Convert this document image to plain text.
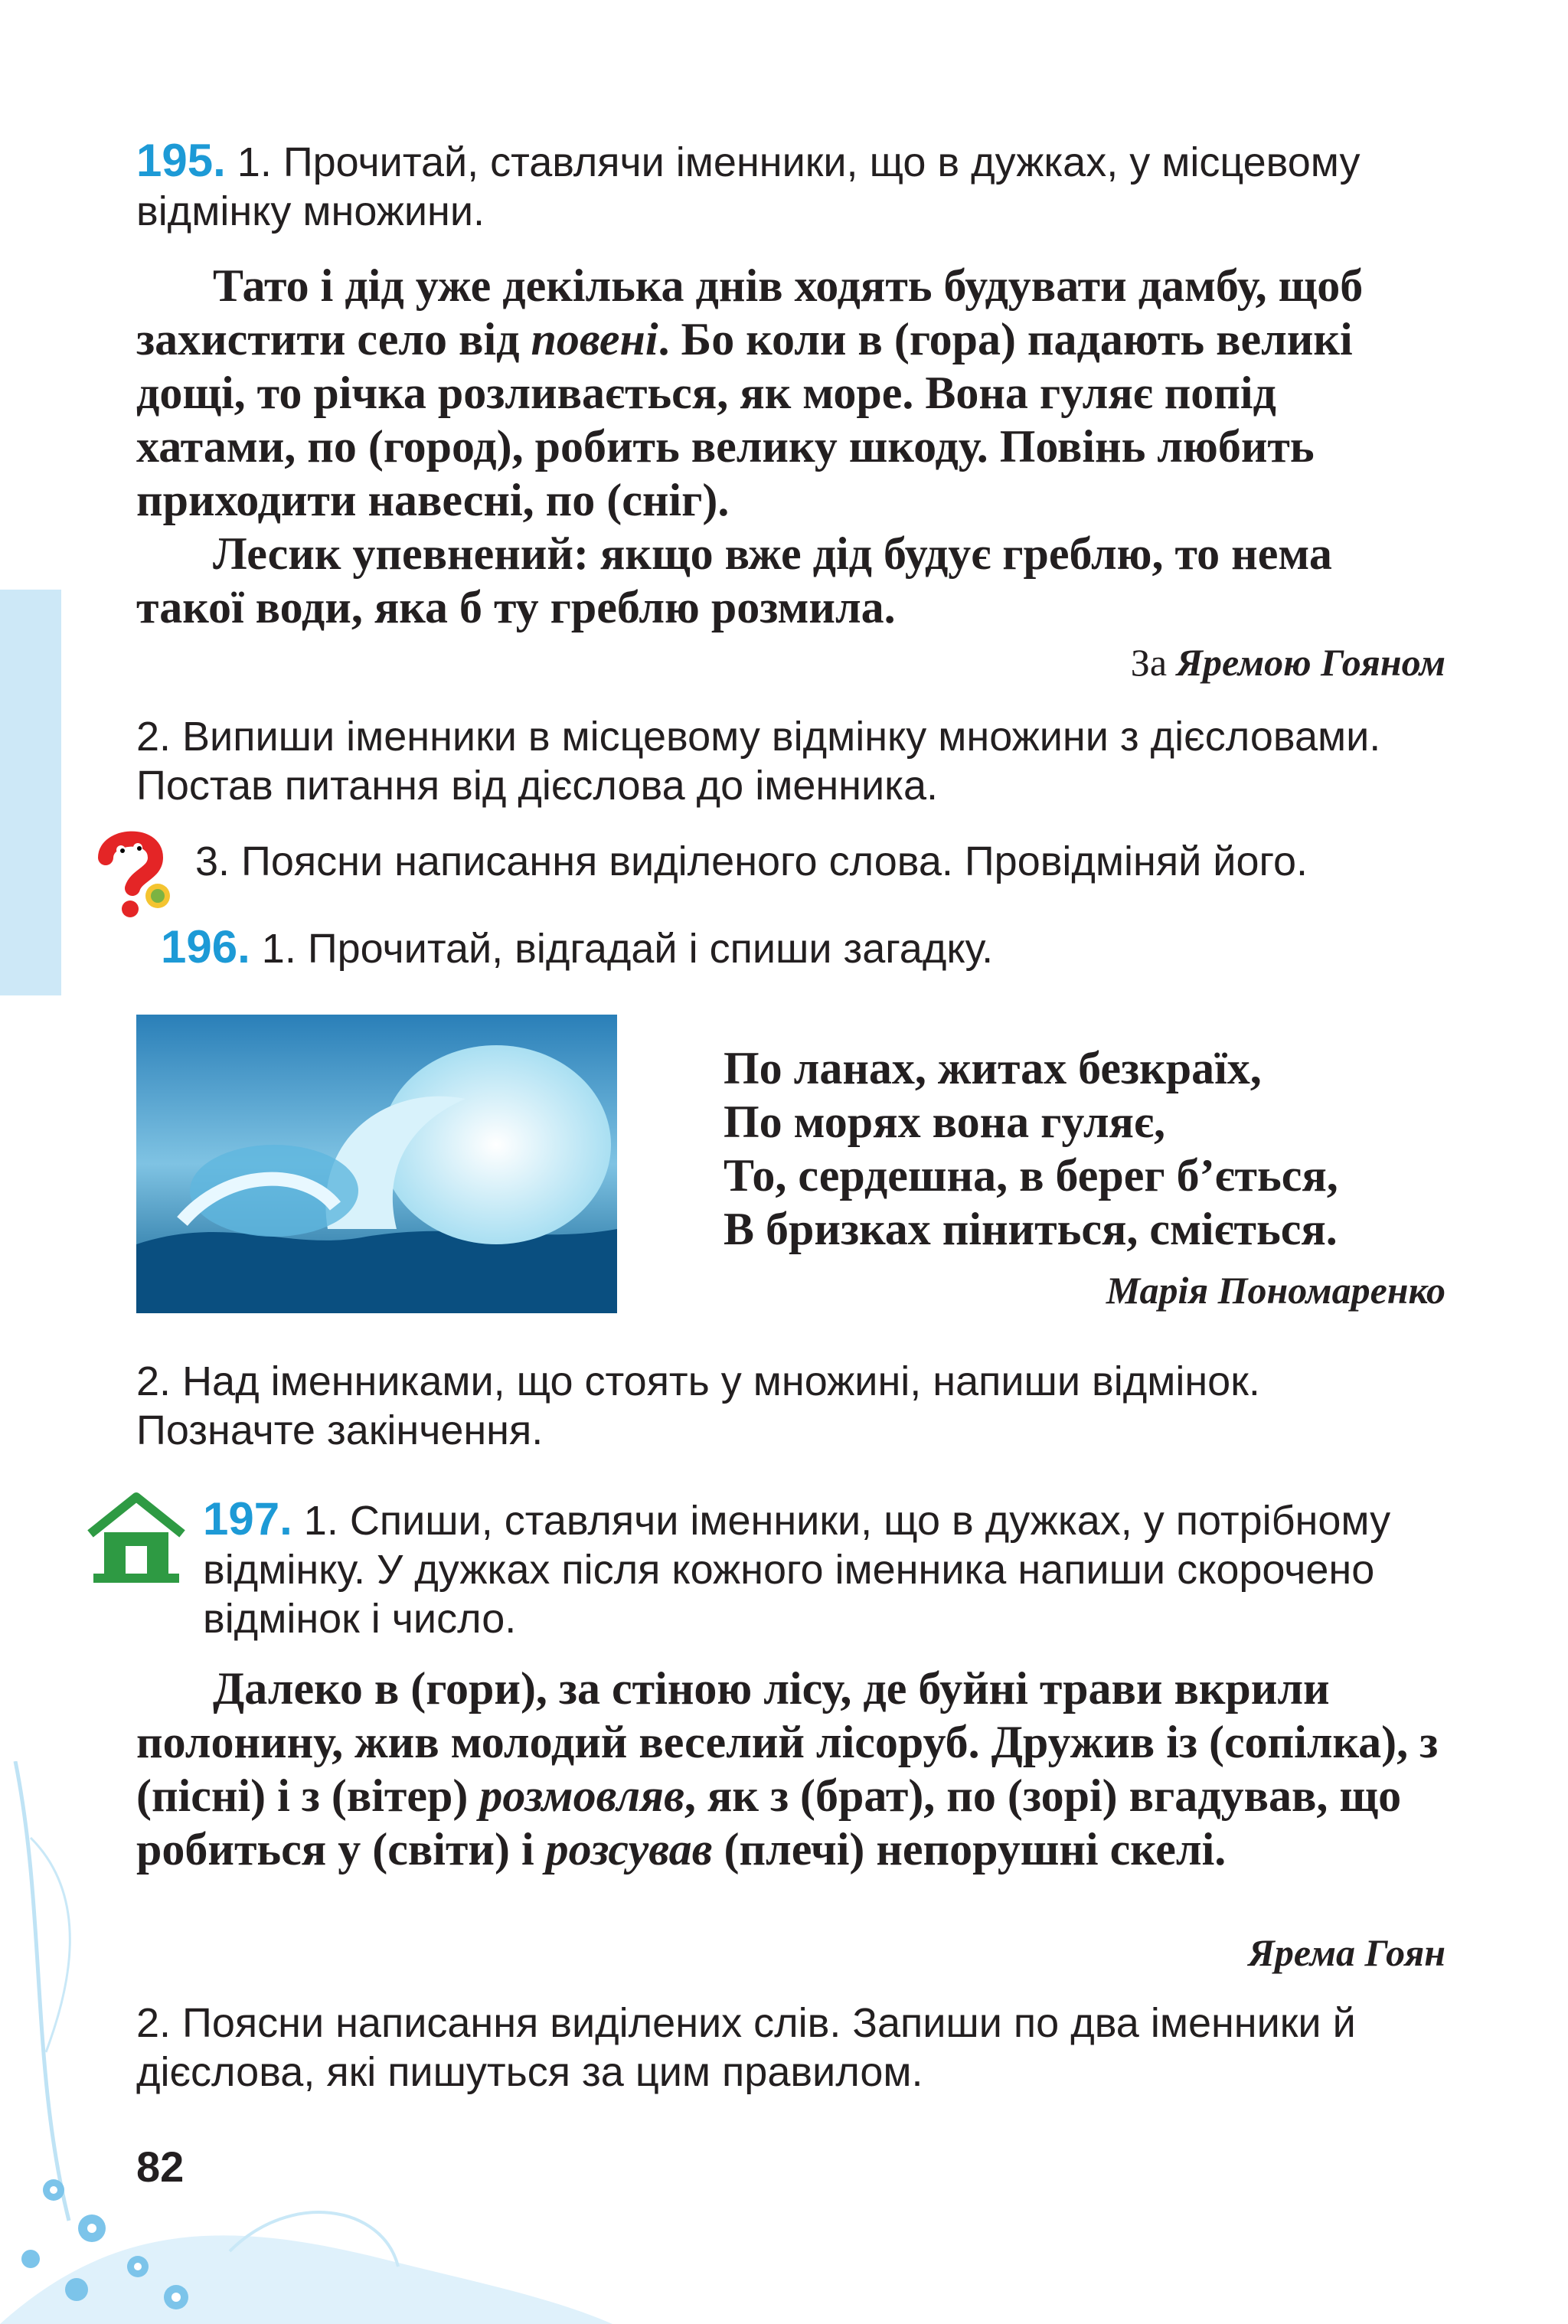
195. 1. Прочитай, ставлячи іменники, що в дужках, у місцевому відмінку множини.

Тато і дід уже декілька днів ходять будувати дамбу, щоб захистити село від повені. Бо коли в (гора) падають великі дощі, то річка розливається, як море. Вона гуляє попід хатами, по (город), робить велику шкоду. Повінь любить приходити навесні, по (сніг).

Лесик упевнений: якщо вже дід будує греблю, то нема такої води, яка б ту греблю розмила.

За Яремою Гояном

2. Випиши іменники в місцевому відмінку множини з дієсловами. Постав питання від дієслова до іменника.

3. Поясни написання виділеного слова. Провідміняй його.

196. 1. Прочитай, відгадай і спиши загадку.

По ланах, житах безкраїх,
По морях вона гуляє,
То, сердешна, в берег б’ється,
В бризках піниться, сміється.
Марія Пономаренко

2. Над іменниками, що стоять у множині, напиши відмінок. Позначте закінчення.

197. 1. Спиши, ставлячи іменники, що в дужках, у потрібному відмінку. У дужках після кожного іменника напиши скорочено відмінок і число.

Далеко в (гори), за стіною лісу, де буйні трави вкрили полонину, жив молодий веселий лісоруб. Дружив із (сопілка), з (пісні) і з (вітер) розмовляв, як з (брат), по (зорі) вгадував, що робиться у (світи) і розсував (плечі) непорушні скелі.

Ярема Гоян

2. Поясни написання виділених слів. Запиши по два іменники й дієслова, які пишуться за цим правилом.

82
